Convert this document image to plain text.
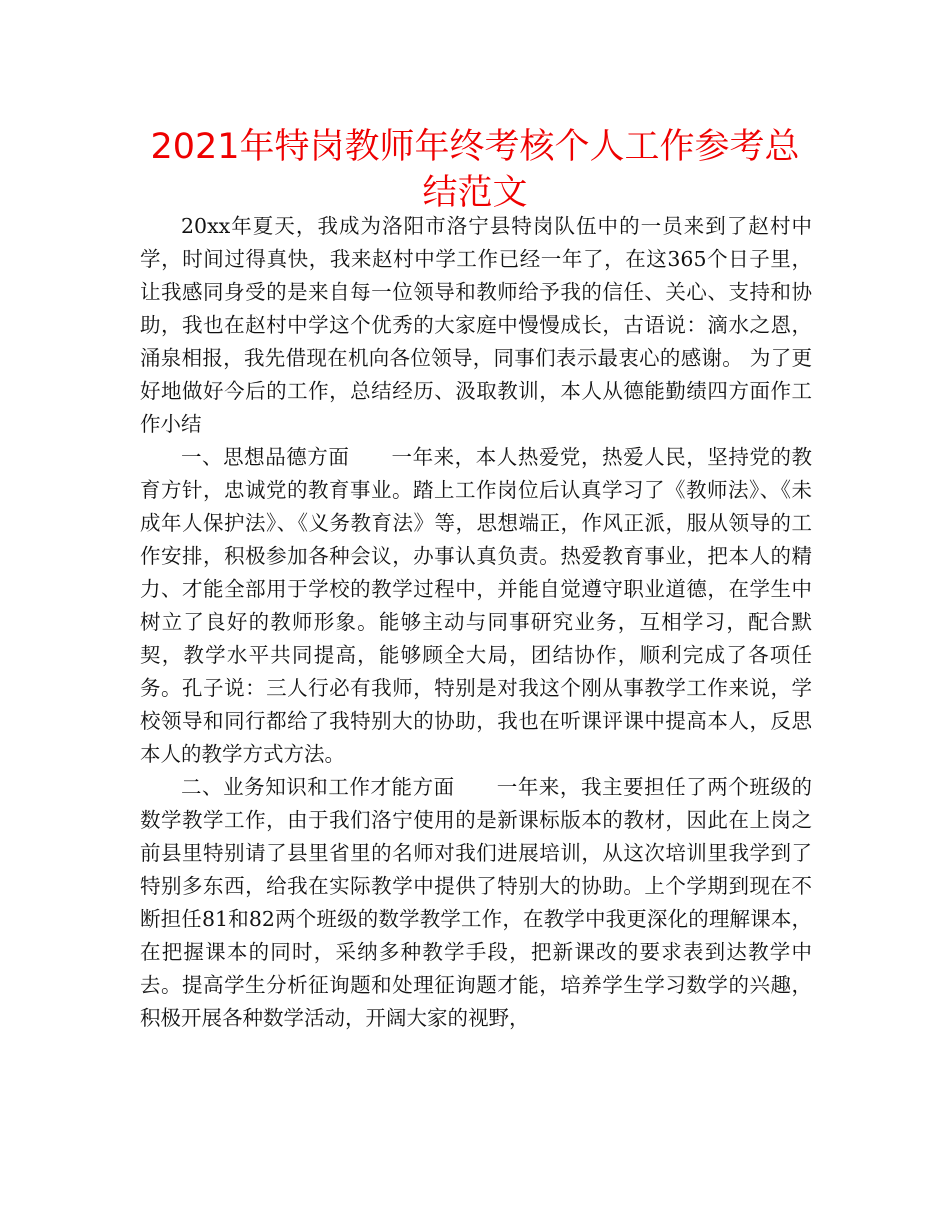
2021年特岗教师年终考核个人工作参考总结范文

20xx年夏天，我成为洛阳市洛宁县特岗队伍中的一员来到了赵村中学，时间过得真快，我来赵村中学工作已经一年了，在这365个日子里，让我感同身受的是来自每一位领导和教师给予我的信任、关心、支持和协助，我也在赵村中学这个优秀的大家庭中慢慢成长，古语说：滴水之恩，涌泉相报，我先借现在机向各位领导，同事们表示最衷心的感谢。 为了更好地做好今后的工作，总结经历、汲取教训，本人从德能勤绩四方面作工作小结

一、思想品德方面　　一年来，本人热爱党，热爱人民，坚持党的教育方针，忠诚党的教育事业。踏上工作岗位后认真学习了《教师法》、《未成年人保护法》、《义务教育法》等，思想端正，作风正派，服从领导的工作安排，积极参加各种会议，办事认真负责。热爱教育事业，把本人的精力、才能全部用于学校的教学过程中，并能自觉遵守职业道德，在学生中树立了良好的教师形象。能够主动与同事研究业务，互相学习，配合默契，教学水平共同提高，能够顾全大局，团结协作，顺利完成了各项任务。孔子说：三人行必有我师，特别是对我这个刚从事教学工作来说，学校领导和同行都给了我特别大的协助，我也在听课评课中提高本人，反思本人的教学方式方法。

二、业务知识和工作才能方面　　一年来，我主要担任了两个班级的数学教学工作，由于我们洛宁使用的是新课标版本的教材，因此在上岗之前县里特别请了县里省里的名师对我们进展培训，从这次培训里我学到了特别多东西，给我在实际教学中提供了特别大的协助。上个学期到现在不断担任81和82两个班级的数学教学工作，在教学中我更深化的理解课本，在把握课本的同时，采纳多种教学手段，把新课改的要求表到达教学中去。提高学生分析征询题和处理征询题才能，培养学生学习数学的兴趣，积极开展各种数学活动，开阔大家的视野，
